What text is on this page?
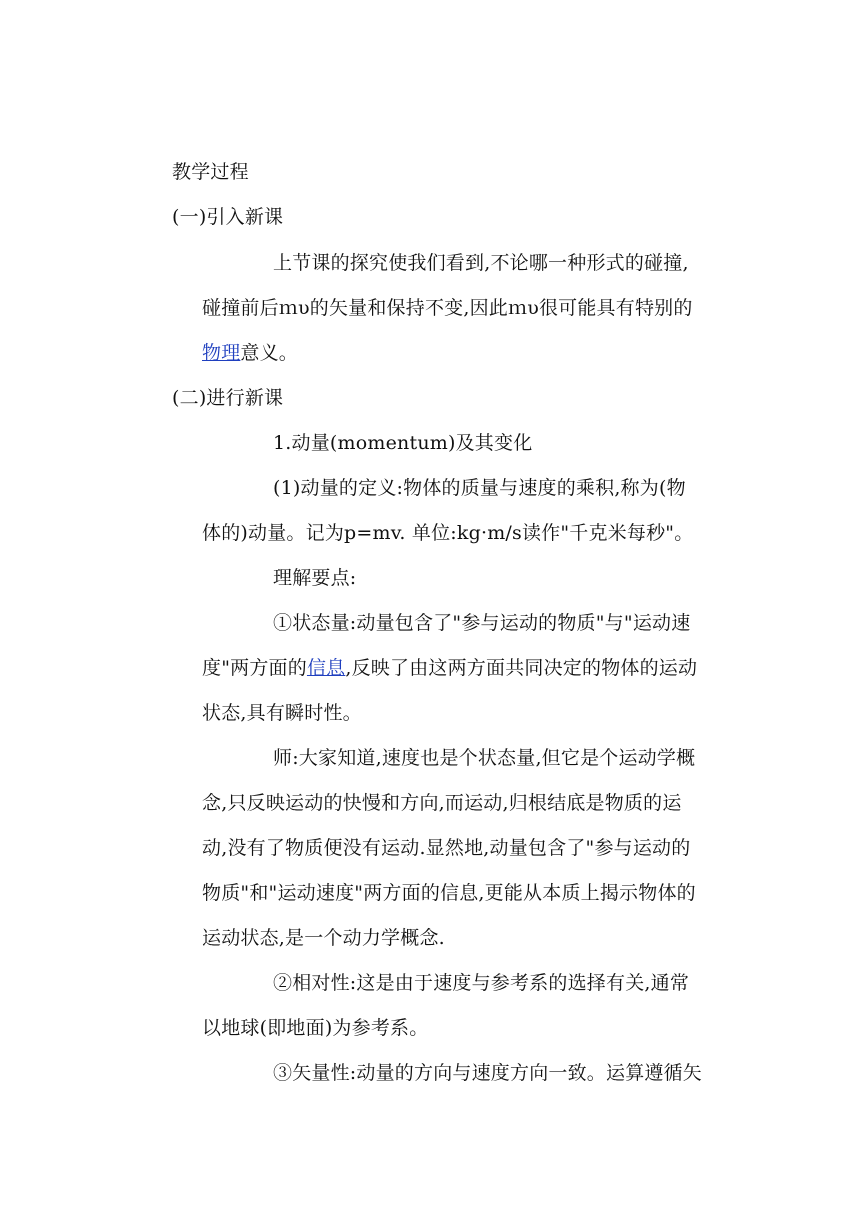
教学过程
(一)引入新课
上节课的探究使我们看到,不论哪一种形式的碰撞,
碰撞前后ｍυ的矢量和保持不变,因此ｍυ很可能具有特别的
物理意义。
(二)进行新课
1.动量(momentum)及其变化
(1)动量的定义:物体的质量与速度的乘积,称为(物
体的)动量。记为p=mv. 单位:kg·m/s读作"千克米每秒"。
理解要点:
①状态量:动量包含了"参与运动的物质"与"运动速
度"两方面的信息,反映了由这两方面共同决定的物体的运动
状态,具有瞬时性。
师:大家知道,速度也是个状态量,但它是个运动学概
念,只反映运动的快慢和方向,而运动,归根结底是物质的运
动,没有了物质便没有运动.显然地,动量包含了"参与运动的
物质"和"运动速度"两方面的信息,更能从本质上揭示物体的
运动状态,是一个动力学概念.
②相对性:这是由于速度与参考系的选择有关,通常
以地球(即地面)为参考系。
③矢量性:动量的方向与速度方向一致。运算遵循矢
